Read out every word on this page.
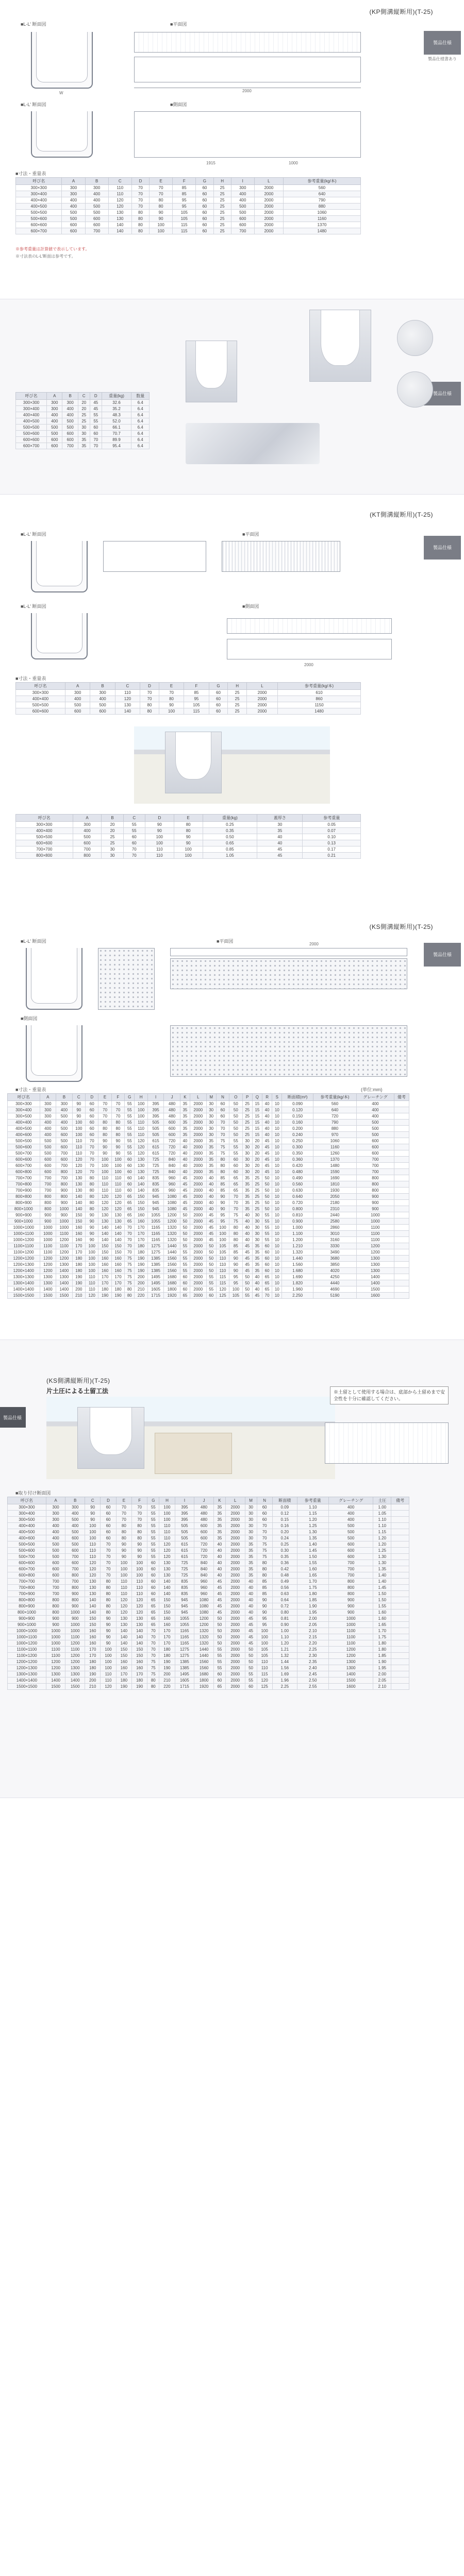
(KP側溝縦断用)(T-25)
製品仕様
製品仕様書あり
■L-L' 断面図
W
■平面図
2000
■L-L' 断面図	■側面図
1915	1000
■寸法・重量表
呼び名	A	B	C	D	E	F	G	H	I	L	参考重量(kg/本)
300×300	300	300	110	70	70	85	60	25	300	2000	560
300×400	300	400	110	70	70	85	60	25	400	2000	640
400×400	400	400	120	70	80	95	60	25	400	2000	790
400×500	400	500	120	70	80	95	60	25	500	2000	880
500×500	500	500	130	80	90	105	60	25	500	2000	1060
500×600	500	600	130	80	90	105	60	25	600	2000	1160
600×600	600	600	140	80	100	115	60	25	600	2000	1370
600×700	600	700	140	80	100	115	60	25	700	2000	1480
※参考重量は計算値で表示しています。
※寸法表のL-L'断面は参考です。
製品仕様
呼び名	A	B	C	D	重量(kg)	数量
300×300	300	300	20	45	32.6	6.4
300×400	300	400	20	45	35.2	6.4
400×400	400	400	25	55	48.3	6.4
400×500	400	500	25	55	52.0	6.4
500×500	500	500	30	60	66.1	6.4
500×600	500	600	30	60	70.7	6.4
600×600	600	600	35	70	89.9	6.4
600×700	600	700	35	70	95.4	6.4
(KT側溝縦断用)(T-25)
製品仕様
■L-L' 断面図	■平面図
■L-L' 断面図	■側面図
2000
■寸法・重量表
呼び名	A	B	C	D	E	F	G	H	L	参考重量(kg/本)
300×300	300	300	110	70	70	85	60	25	2000	610
400×400	400	400	120	70	80	95	60	25	2000	860
500×500	500	500	130	80	90	105	60	25	2000	1150
600×600	600	600	140	80	100	115	60	25	2000	1480
呼び名	A	B	C	D	E	重量(kg)	蓋厚さ	参考重量
300×300	300	20	55	90	80	0.25	30	0.05
400×400	400	20	55	90	80	0.35	35	0.07
500×500	500	25	60	100	90	0.50	40	0.10
600×600	600	25	60	100	90	0.65	40	0.13
700×700	700	30	70	110	100	0.85	45	0.17
800×800	800	30	70	110	100	1.05	45	0.21
(KS側溝縦断用)(T-25)
製品仕様
■L-L' 断面図	■平面図
2000
■側面図
■寸法・重量表	(単位:mm)
呼び名	A	B	C	D	E	F	G	H	I	J	K	L	M	N	O	P	Q	R	S	断面積(m²)	参考重量(kg/本)	グレーチング	備考
300×300	300	300	90	60	70	70	55	100	395	480	35	2000	30	60	50	25	15	40	10	0.090	560	400	
300×400	300	400	90	60	70	70	55	100	395	480	35	2000	30	60	50	25	15	40	10	0.120	640	400	
300×500	300	500	90	60	70	70	55	100	395	480	35	2000	30	60	50	25	15	40	10	0.150	720	400	
400×400	400	400	100	60	80	80	55	110	505	600	35	2000	30	70	50	25	15	40	10	0.160	790	500	
400×500	400	500	100	60	80	80	55	110	505	600	35	2000	30	70	50	25	15	40	10	0.200	880	500	
400×600	400	600	100	60	80	80	55	110	505	600	35	2000	30	70	50	25	15	40	10	0.240	970	500	
500×500	500	500	110	70	90	90	55	120	615	720	40	2000	35	75	55	30	20	45	10	0.250	1060	600	
500×600	500	600	110	70	90	90	55	120	615	720	40	2000	35	75	55	30	20	45	10	0.300	1160	600	
500×700	500	700	110	70	90	90	55	120	615	720	40	2000	35	75	55	30	20	45	10	0.350	1260	600	
600×600	600	600	120	70	100	100	60	130	725	840	40	2000	35	80	60	30	20	45	10	0.360	1370	700	
600×700	600	700	120	70	100	100	60	130	725	840	40	2000	35	80	60	30	20	45	10	0.420	1480	700	
600×800	600	800	120	70	100	100	60	130	725	840	40	2000	35	80	60	30	20	45	10	0.480	1590	700	
700×700	700	700	130	80	110	110	60	140	835	960	45	2000	40	85	65	35	25	50	10	0.490	1690	800	
700×800	700	800	130	80	110	110	60	140	835	960	45	2000	40	85	65	35	25	50	10	0.560	1810	800	
700×900	700	900	130	80	110	110	60	140	835	960	45	2000	40	85	65	35	25	50	10	0.630	1930	800	
800×800	800	800	140	80	120	120	65	150	945	1080	45	2000	40	90	70	35	25	50	10	0.640	2050	900	
800×900	800	900	140	80	120	120	65	150	945	1080	45	2000	40	90	70	35	25	50	10	0.720	2180	900	
800×1000	800	1000	140	80	120	120	65	150	945	1080	45	2000	40	90	70	35	25	50	10	0.800	2310	900	
900×900	900	900	150	90	130	130	65	160	1055	1200	50	2000	45	95	75	40	30	55	10	0.810	2440	1000	
900×1000	900	1000	150	90	130	130	65	160	1055	1200	50	2000	45	95	75	40	30	55	10	0.900	2580	1000	
1000×1000	1000	1000	160	90	140	140	70	170	1165	1320	50	2000	45	100	80	40	30	55	10	1.000	2860	1100	
1000×1100	1000	1100	160	90	140	140	70	170	1165	1320	50	2000	45	100	80	40	30	55	10	1.100	3010	1100	
1000×1200	1000	1200	160	90	140	140	70	170	1165	1320	50	2000	45	100	80	40	30	55	10	1.200	3160	1100	
1100×1100	1100	1100	170	100	150	150	70	180	1275	1440	55	2000	50	105	85	45	35	60	10	1.210	3330	1200	
1100×1200	1100	1200	170	100	150	150	70	180	1275	1440	55	2000	50	105	85	45	35	60	10	1.320	3490	1200	
1200×1200	1200	1200	180	100	160	160	75	190	1385	1560	55	2000	50	110	90	45	35	60	10	1.440	3680	1300	
1200×1300	1200	1300	180	100	160	160	75	190	1385	1560	55	2000	50	110	90	45	35	60	10	1.560	3850	1300	
1200×1400	1200	1400	180	100	160	160	75	190	1385	1560	55	2000	50	110	90	45	35	60	10	1.680	4020	1300	
1300×1300	1300	1300	190	110	170	170	75	200	1495	1680	60	2000	55	115	95	50	40	65	10	1.690	4250	1400	
1300×1400	1300	1400	190	110	170	170	75	200	1495	1680	60	2000	55	115	95	50	40	65	10	1.820	4440	1400	
1400×1400	1400	1400	200	110	180	180	80	210	1605	1800	60	2000	55	120	100	50	40	65	10	1.960	4690	1500	
1500×1500	1500	1500	210	120	190	190	80	220	1715	1920	65	2000	60	125	105	55	45	70	10	2.250	5190	1600	
製品仕様
(KS側溝縦断用)(T-25)
片土圧による土留工法	※土留として使用する場合は、底部から土留めまで安全性を十分に確認してください。
■取り付け断面図
呼び名	A	B	C	D	E	F	G	H	I	J	K	L	M	N	断面積	参考重量	グレーチング	土圧	備考
300×300	300	300	90	60	70	70	55	100	395	480	35	2000	30	60	0.09	1.10	400	1.00	
300×400	300	400	90	60	70	70	55	100	395	480	35	2000	30	60	0.12	1.15	400	1.05	
300×500	300	500	90	60	70	70	55	100	395	480	35	2000	30	60	0.15	1.20	400	1.10	
400×400	400	400	100	60	80	80	55	110	505	600	35	2000	30	70	0.16	1.25	500	1.10	
400×500	400	500	100	60	80	80	55	110	505	600	35	2000	30	70	0.20	1.30	500	1.15	
400×600	400	600	100	60	80	80	55	110	505	600	35	2000	30	70	0.24	1.35	500	1.20	
500×500	500	500	110	70	90	90	55	120	615	720	40	2000	35	75	0.25	1.40	600	1.20	
500×600	500	600	110	70	90	90	55	120	615	720	40	2000	35	75	0.30	1.45	600	1.25	
500×700	500	700	110	70	90	90	55	120	615	720	40	2000	35	75	0.35	1.50	600	1.30	
600×600	600	600	120	70	100	100	60	130	725	840	40	2000	35	80	0.36	1.55	700	1.30	
600×700	600	700	120	70	100	100	60	130	725	840	40	2000	35	80	0.42	1.60	700	1.35	
600×800	600	800	120	70	100	100	60	130	725	840	40	2000	35	80	0.48	1.65	700	1.40	
700×700	700	700	130	80	110	110	60	140	835	960	45	2000	40	85	0.49	1.70	800	1.40	
700×800	700	800	130	80	110	110	60	140	835	960	45	2000	40	85	0.56	1.75	800	1.45	
700×900	700	900	130	80	110	110	60	140	835	960	45	2000	40	85	0.63	1.80	800	1.50	
800×800	800	800	140	80	120	120	65	150	945	1080	45	2000	40	90	0.64	1.85	900	1.50	
800×900	800	900	140	80	120	120	65	150	945	1080	45	2000	40	90	0.72	1.90	900	1.55	
800×1000	800	1000	140	80	120	120	65	150	945	1080	45	2000	40	90	0.80	1.95	900	1.60	
900×900	900	900	150	90	130	130	65	160	1055	1200	50	2000	45	95	0.81	2.00	1000	1.60	
900×1000	900	1000	150	90	130	130	65	160	1055	1200	50	2000	45	95	0.90	2.05	1000	1.65	
1000×1000	1000	1000	160	90	140	140	70	170	1165	1320	50	2000	45	100	1.00	2.10	1100	1.70	
1000×1100	1000	1100	160	90	140	140	70	170	1165	1320	50	2000	45	100	1.10	2.15	1100	1.75	
1000×1200	1000	1200	160	90	140	140	70	170	1165	1320	50	2000	45	100	1.20	2.20	1100	1.80	
1100×1100	1100	1100	170	100	150	150	70	180	1275	1440	55	2000	50	105	1.21	2.25	1200	1.80	
1100×1200	1100	1200	170	100	150	150	70	180	1275	1440	55	2000	50	105	1.32	2.30	1200	1.85	
1200×1200	1200	1200	180	100	160	160	75	190	1385	1560	55	2000	50	110	1.44	2.35	1300	1.90	
1200×1300	1200	1300	180	100	160	160	75	190	1385	1560	55	2000	50	110	1.56	2.40	1300	1.95	
1300×1300	1300	1300	190	110	170	170	75	200	1495	1680	60	2000	55	115	1.69	2.45	1400	2.00	
1400×1400	1400	1400	200	110	180	180	80	210	1605	1800	60	2000	55	120	1.96	2.50	1500	2.05	
1500×1500	1500	1500	210	120	190	190	80	220	1715	1920	65	2000	60	125	2.25	2.55	1600	2.10	
